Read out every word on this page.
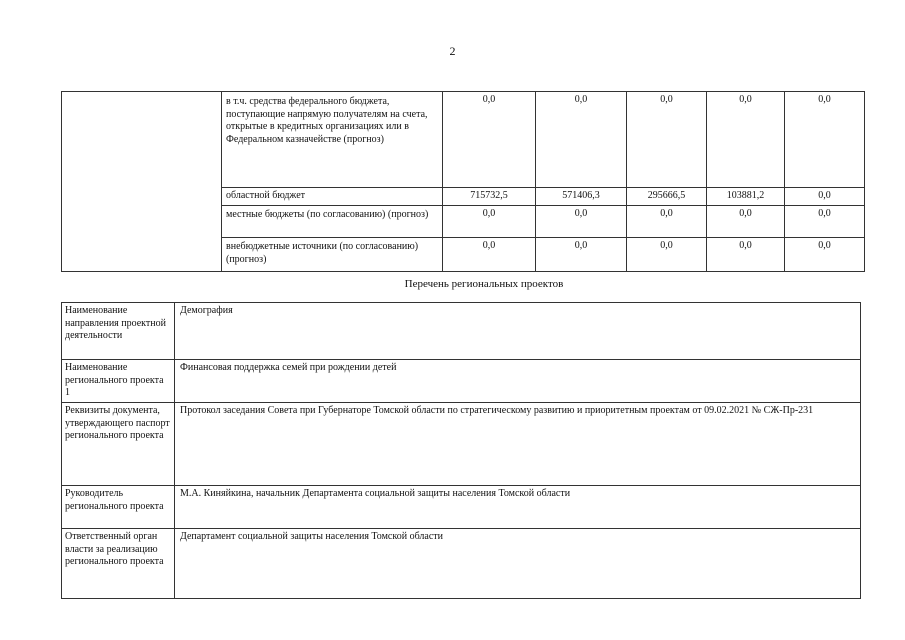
2
	в т.ч. средства федерального бюджета, поступающие напрямую получателям на счета, открытые в кредитных организациях или в Федеральном казначействе (прогноз)	0,0	0,0	0,0	0,0	0,0
	областной бюджет	715732,5	571406,3	295666,5	103881,2	0,0
	местные бюджеты (по согласованию) (прогноз)	0,0	0,0	0,0	0,0	0,0
	внебюджетные источники (по согласованию) (прогноз)	0,0	0,0	0,0	0,0	0,0
Перечень региональных проектов
Наименование направления проектной деятельности	Демография
Наименование регионального проекта 1	Финансовая поддержка семей при рождении детей
Реквизиты документа, утверждающего паспорт регионального проекта	Протокол заседания Совета при Губернаторе Томской области по стратегическому развитию и приоритетным проектам от 09.02.2021 № СЖ-Пр-231
Руководитель регионального проекта	М.А. Киняйкина, начальник Департамента социальной защиты населения Томской области
Ответственный орган власти за реализацию регионального проекта	Департамент социальной защиты населения Томской области
